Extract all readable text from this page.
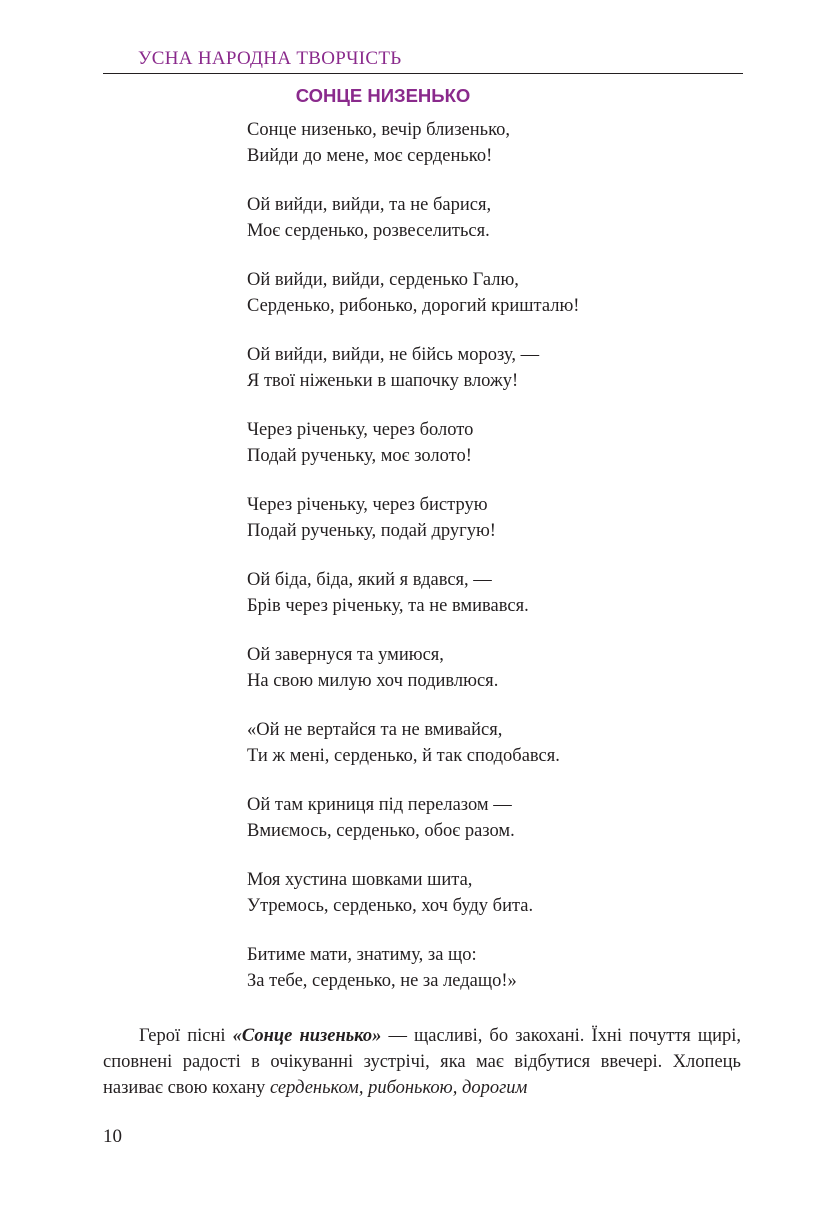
УСНА НАРОДНА ТВОРЧІСТЬ
СОНЦЕ НИЗЕНЬКО
Сонце низенько, вечір близенько,
Вийди до мене, моє серденько!
Ой вийди, вийди, та не барися,
Моє серденько, розвеселиться.
Ой вийди, вийди, серденько Галю,
Серденько, рибонько, дорогий кришталю!
Ой вийди, вийди, не бійсь морозу, —
Я твої ніженьки в шапочку вложу!
Через річеньку, через болото
Подай рученьку, моє золото!
Через річеньку, через биструю
Подай рученьку, подай другую!
Ой біда, біда, який я вдався, —
Брів через річеньку, та не вмивався.
Ой завернуся та умиюся,
На свою милую хоч подивлюся.
«Ой не вертайся та не вмивайся,
Ти ж мені, серденько, й так сподобався.
Ой там криниця під перелазом —
Вмиємось, серденько, обоє разом.
Моя хустина шовками шита,
Утремось, серденько, хоч буду бита.
Битиме мати, знатиму, за що:
За тебе, серденько, не за ледащо!»

Герої пісні «Сонце низенько» — щасливі, бо закохані. Їхні почуття щирі, сповнені радості в очікуванні зустрічі, яка має відбутися ввечері. Хлопець називає свою кохану серденьком, рибонькою, дорогим

10
